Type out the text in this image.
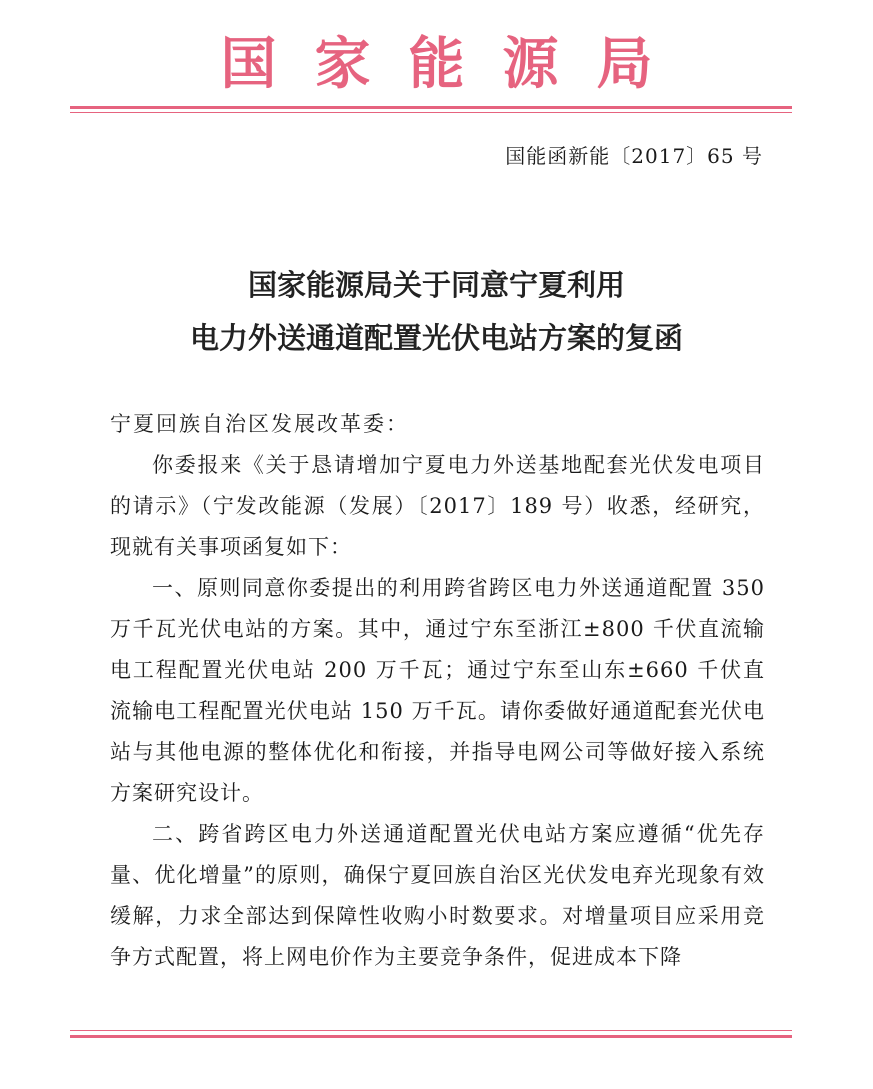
国家能源局
国能函新能〔2017〕65 号
国家能源局关于同意宁夏利用
电力外送通道配置光伏电站方案的复函

宁夏回族自治区发展改革委：

你委报来《关于恳请增加宁夏电力外送基地配套光伏发电项目的请示》（宁发改能源（发展）〔2017〕189 号）收悉，经研究，现就有关事项函复如下：

一、原则同意你委提出的利用跨省跨区电力外送通道配置 350 万千瓦光伏电站的方案。其中，通过宁东至浙江±800 千伏直流输电工程配置光伏电站 200 万千瓦；通过宁东至山东±660 千伏直流输电工程配置光伏电站 150 万千瓦。请你委做好通道配套光伏电站与其他电源的整体优化和衔接，并指导电网公司等做好接入系统方案研究设计。

二、跨省跨区电力外送通道配置光伏电站方案应遵循“优先存量、优化增量”的原则，确保宁夏回族自治区光伏发电弃光现象有效缓解，力求全部达到保障性收购小时数要求。对增量项目应采用竞争方式配置，将上网电价作为主要竞争条件，促进成本下降
